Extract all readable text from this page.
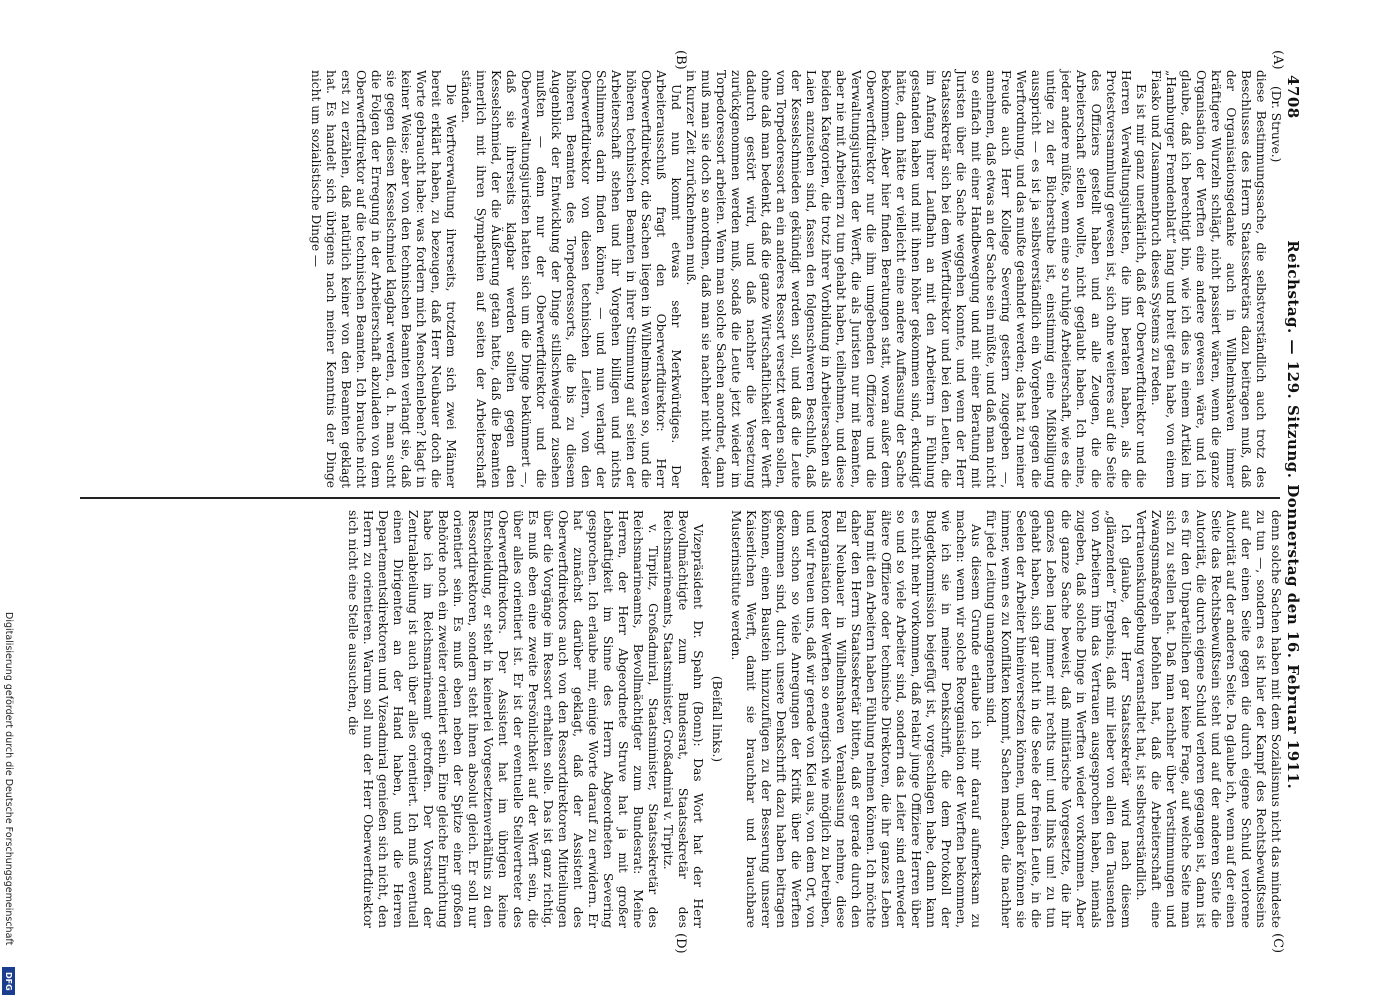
4708  Reichstag. — 129. Sitzung. Donnerstag den 16. Februar 1911.
(A)
(B)
(C)
(D)

(Dr. Struve.)

diese Bestimmungssache, die selbstverständlich auch trotz des Beschlusses des Herrn Staatssekretärs dazu beitragen muß, daß der Organisationsgedanke auch in Wilhelmshaven immer kräftigere Wurzeln schlägt, nicht passiert wären, wenn die ganze Organisation der Werften eine andere gewesen wäre, und ich glaube, daß ich berechtigt bin, wie ich dies in einem Artikel im „Hamburger Fremdenblatt“ lang und breit getan habe, von einem Fiasko und Zusammenbruch dieses Systems zu reden.

Es ist mir ganz unerklärlich, daß der Oberwerftdirektor und die Herren Verwaltungsjuristen, die ihn beraten haben, als die Protestversammlung gewesen ist, sich ohne weiteres auf die Seite des Offiziers gestellt haben und an alle Zeugen, die die Arbeiterschaft stellen wollte, nicht geglaubt haben. Ich meine, jeder andere müßte, wenn eine so ruhige Arbeiterschaft, wie es die untige zu der Bücherstube ist, einstimmig eine Mißbilligung ausspricht — es ist ja selbstverständlich ein Vorgehen gegen die Werftordnung, und das mußte geahndet werden; das hat zu meiner Freude auch Herr Kollege Severing gestern zugegeben —, annehmen, daß etwas an der Sache sein müßte, und daß man nicht so einfach mit einer Handbewegung und mit einer Beratung mit Juristen über die Sache weggehen konnte, und wenn der Herr Staatssekretär sich bei dem Werftdirektor und bei den Leuten, die im Anfang ihrer Laufbahn an mit den Arbeitern in Fühlung gestanden haben und mit ihnen höher gekommen sind, erkundigt hätte, dann hätte er vielleicht eine andere Auffassung der Sache bekommen. Aber hier finden Beratungen statt, woran außer dem Oberwerftdirektor nur die ihm umgebenden Offiziere und die Verwaltungsjuristen der Werft, die als Juristen nur mit Beamten, aber nie mit Arbeitern zu tun gehabt haben, teilnehmen, und diese beiden Kategorien, die trotz ihrer Vorbildung in Arbeitersachen als Laien anzusehen sind, fassen den folgenschweren Beschluß, daß der Kesselschmieden gekündigt werden soll, und daß die Leute vom Torpedoressort an ein anderes Ressort versetzt werden sollen, ohne daß man bedenkt, daß die ganze Wirtschaftlichkeit der Werft dadurch gestört wird, und daß nachher die Versetzung zurückgenommen werden muß, sodaß die Leute jetzt wieder im Torpedoressort arbeiten. Wenn man solche Sachen anordnet, dann muß man sie doch so anordnen, daß man sie nachher nicht wieder in kurzer Zeit zurücknehmen muß.

Und nun kommt etwas sehr Merkwürdiges. Der Arbeiterausschuß fragt den Oberwerftdirektor: Herr Oberwerftdirektor, die Sachen liegen in Wilhelmshaven so, und die höheren technischen Beamten in ihrer Stimmung auf seiten der Arbeiterschaft stehen und ihr Vorgehen billigen und nichts Schlimmes darin finden können, — und nun verlangt der Oberwerftdirektor von diesen technischen Leitern, von den höheren Beamten des Torpedoressorts, die bis zu diesem Augenblick der Entwicklung der Dinge stillschweigend zusehen mußten — denn nur der Oberwerftdirektor und die Oberverwaltungsjuristen hatten sich um die Dinge bekümmert —, daß sie ihrerseits klagbar werden sollten gegen den Kesselschmied, der die Äußerung getan hatte, daß die Beamten innerlich mit ihren Sympathien auf seiten der Arbeiterschaft ständen.

Die Werftverwaltung ihrerseits, trotzdem sich zwei Männer bereit erklärt haben, zu bezeugen, daß Herr Neubauer doch die Worte gebraucht habe: was fordern mich Menschenleben? klagt in keiner Weise; aber von den technischen Beamten verlangt sie, daß sie gegen diesen Kesselschmied klagbar werden, d. h. man sucht die Folgen der Erregung in der Arbeiterschaft abzuladen von dem Oberwerftdirektor auf die technischen Beamten. Ich brauche nicht erst zu erzählen, daß natürlich keiner von den Beamten geklagt hat. Es handelt sich übrigens nach meiner Kenntnis der Dinge nicht um sozialistische Dinge —

denn solche Sachen haben mit dem Sozialismus nicht das mindeste zu tun —, sondern es ist hier der Kampf des Rechtsbewußtseins auf der einen Seite gegen die durch eigene Schuld verlorene Autorität auf der anderen Seite. Da glaube ich, wenn auf der einen Seite das Rechtsbewußtsein steht und auf der anderen Seite die Autorität, die durch eigene Schuld verloren gegangen ist, dann ist es für den Unparteilichen gar keine Frage, auf welche Seite man sich zu stellen hat. Daß man nachher über Verstimmungen und Zwangsmaßregeln befohlen hat, daß die Arbeiterschaft eine Vertrauenskundgebung veranstaltet hat, ist selbstverständlich.

Ich glaube, der Herr Staatssekretär wird nach diesem „glänzenden“ Ergebnis, daß mir lieber von allen den Tausenden von Arbeitern ihm das Vertrauen ausgesprochen haben, niemals zugeben, daß solche Dinge in Werften wieder vorkommen. Aber die ganze Sache beweist, daß militärische Vorgesetzte, die ihr ganzes Leben lang immer mit rechts um! und links um! zu tun gehabt haben, sich gar nicht in die Seele der freien Leute, in die Seelen der Arbeiter hineinversetzen können, und daher können sie immer, wenn es zu Konflikten kommt, Sachen machen, die nachher für jede Leitung unangenehm sind.

Aus diesem Grunde erlaube ich mir darauf aufmerksam zu machen: wenn wir solche Reorganisation der Werften bekommen, wie ich sie in meiner Denkschrift, die dem Protokoll der Budgetkommission beigefügt ist, vorgeschlagen habe, dann kann es nicht mehr vorkommen, daß relativ junge Offiziere Herren über so und so viele Arbeiter sind, sondern das Leiter sind entweder ältere Offiziere oder technische Direktoren, die ihr ganzes Leben lang mit den Arbeitern haben Fühlung nehmen können. Ich möchte daher den Herrn Staatssekretär bitten, daß er gerade durch den Fall Neubauer in Wilhelmshaven Veranlassung nehme, diese Reorganisation der Werften so energisch wie möglich zu betreiben, und wir freuen uns, daß wir gerade von Kiel aus, von dem Ort, von dem schon so viele Anregungen der Kritik über die Werften gekommen sind, durch unsere Denkschrift dazu haben beitragen können, einen Baustein hinzuzufügen zu der Besserung unserer Kaiserlichen Werft, damit sie brauchbar und brauchbare Musterinstitute werden.

(Beifall links.)

Vizepräsident Dr. Spahn (Bonn): Das Wort hat der Herr Bevollmächtigte zum Bundesrat, Staatssekretär des Reichsmarineamts, Staatsminister, Großadmiral v. Tirpitz.

v. Tirpitz, Großadmiral, Staatsminister, Staatssekretär des Reichsmarineamts, Bevollmächtigter zum Bundesrat: Meine Herren, der Herr Abgeordnete Struve hat ja mit großer Lebhaftigkeit im Sinne des Herrn Abgeordneten Severing gesprochen. Ich erlaube mir, einige Worte darauf zu erwidern. Er hat zunächst darüber geklagt, daß der Assistent des Oberwerftdirektors auch von den Ressortdirektoren Mitteilungen über die Vorgänge im Ressort erhalten solle. Das ist ganz richtig. Es muß eben eine zweite Persönlichkeit auf der Werft sein, die über alles orientiert ist. Er ist der eventuelle Stellvertreter des Oberwerftdirektors. Der Assistent hat im übrigen keine Entscheidung, er steht in keinerlei Vorgesetztenverhältnis zu den Ressortdirektoren, sondern steht ihnen absolut gleich. Er soll nur orientiert sein. Es muß eben neben der Spitze einer großen Behörde noch ein zweiter orientiert sein. Eine gleiche Einrichtung habe ich im Reichsmarineamt getroffen. Der Vorstand der Zentralabteilung ist auch über alles orientiert. Ich muß eventuell einen Dirigenten an der Hand haben, und die Herren Departementsdirektoren und Vizeadmiral genießen sich nicht, den Herrn zu orientieren. Warum soll nun der Herr Oberwerftdirektor sich nicht eine Stelle aussuchen, die

Digitalisierung gefördert durch die Deutsche Forschungsgemeinschaft
DFG
